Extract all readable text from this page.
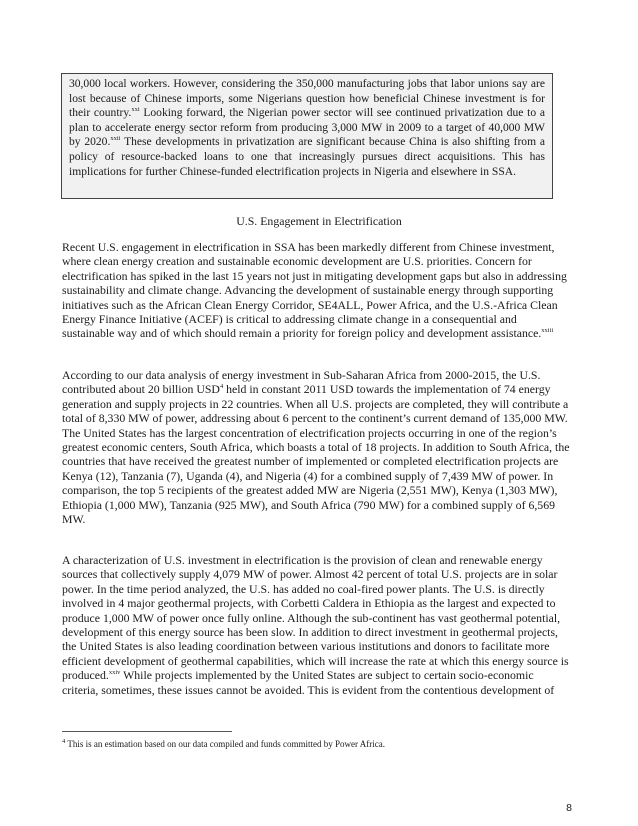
30,000 local workers. However, considering the 350,000 manufacturing jobs that labor unions say are lost because of Chinese imports, some Nigerians question how beneficial Chinese investment is for their country.$^{xxi}$ Looking forward, the Nigerian power sector will see continued privatization due to a plan to accelerate energy sector reform from producing 3,000 MW in 2009 to a target of 40,000 MW by 2020.$^{xxii}$ These developments in privatization are significant because China is also shifting from a policy of resource-backed loans to one that increasingly pursues direct acquisitions. This has implications for further Chinese-funded electrification projects in Nigeria and elsewhere in SSA.

U.S. Engagement in Electrification

Recent U.S. engagement in electrification in SSA has been markedly different from Chinese investment, where clean energy creation and sustainable economic development are U.S. priorities. Concern for electrification has spiked in the last 15 years not just in mitigating development gaps but also in addressing sustainability and climate change. Advancing the development of sustainable energy through supporting initiatives such as the African Clean Energy Corridor, SE4ALL, Power Africa, and the U.S.-Africa Clean Energy Finance Initiative (ACEF) is critical to addressing climate change in a consequential and sustainable way and of which should remain a priority for foreign policy and development assistance.$^{xxiii}$

According to our data analysis of energy investment in Sub-Saharan Africa from 2000-2015, the U.S. contributed about 20 billion USD$^4$ held in constant 2011 USD towards the implementation of 74 energy generation and supply projects in 22 countries. When all U.S. projects are completed, they will contribute a total of 8,330 MW of power, addressing about 6 percent to the continent’s current demand of 135,000 MW. The United States has the largest concentration of electrification projects occurring in one of the region’s greatest economic centers, South Africa, which boasts a total of 18 projects. In addition to South Africa, the countries that have received the greatest number of implemented or completed electrification projects are Kenya (12), Tanzania (7), Uganda (4), and Nigeria (4) for a combined supply of 7,439 MW of power. In comparison, the top 5 recipients of the greatest added MW are Nigeria (2,551 MW), Kenya (1,303 MW), Ethiopia (1,000 MW), Tanzania (925 MW), and South Africa (790 MW) for a combined supply of 6,569 MW.

A characterization of U.S. investment in electrification is the provision of clean and renewable energy sources that collectively supply 4,079 MW of power. Almost 42 percent of total U.S. projects are in solar power. In the time period analyzed, the U.S. has added no coal-fired power plants. The U.S. is directly involved in 4 major geothermal projects, with Corbetti Caldera in Ethiopia as the largest and expected to produce 1,000 MW of power once fully online. Although the sub-continent has vast geothermal potential, development of this energy source has been slow. In addition to direct investment in geothermal projects, the United States is also leading coordination between various institutions and donors to facilitate more efficient development of geothermal capabilities, which will increase the rate at which this energy source is produced.$^{xxiv}$ While projects implemented by the United States are subject to certain socio-economic criteria, sometimes, these issues cannot be avoided. This is evident from the contentious development of

$^4$ This is an estimation based on our data compiled and funds committed by Power Africa.

8
